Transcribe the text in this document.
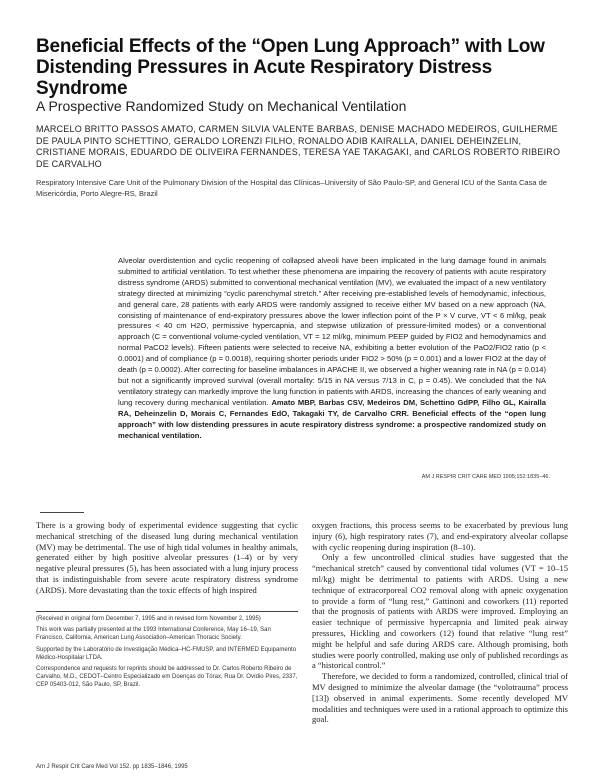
Beneficial Effects of the “Open Lung Approach” with Low Distending Pressures in Acute Respiratory Distress Syndrome
A Prospective Randomized Study on Mechanical Ventilation
MARCELO BRITTO PASSOS AMATO, CARMEN SILVIA VALENTE BARBAS, DENISE MACHADO MEDEIROS, GUILHERME DE PAULA PINTO SCHETTINO, GERALDO LORENZI FILHO, RONALDO ADIB KAIRALLA, DANIEL DEHEINZELIN, CRISTIANE MORAIS, EDUARDO DE OLIVEIRA FERNANDES, TERESA YAE TAKAGAKI, and CARLOS ROBERTO RIBEIRO DE CARVALHO
Respiratory Intensive Care Unit of the Pulmonary Division of the Hospital das Clínicas–University of São Paulo-SP, and General ICU of the Santa Casa de Misericórdia, Porto Alegre-RS, Brazil
Alveolar overdistention and cyclic reopening of collapsed alveoli have been implicated in the lung damage found in animals submitted to artificial ventilation. To test whether these phenomena are impairing the recovery of patients with acute respiratory distress syndrome (ARDS) submitted to conventional mechanical ventilation (MV), we evaluated the impact of a new ventilatory strategy directed at minimizing “cyclic parenchymal stretch.” After receiving pre-established levels of hemodynamic, infectious, and general care, 28 patients with early ARDS were randomly assigned to receive either MV based on a new approach (NA, consisting of maintenance of end-expiratory pressures above the lower inflection point of the P × V curve, VT < 6 ml/kg, peak pressures < 40 cm H2O, permissive hypercapnia, and stepwise utilization of pressure-limited modes) or a conventional approach (C = conventional volume-cycled ventilation, VT = 12 ml/kg, minimum PEEP guided by FIO2 and hemodynamics and normal PaCO2 levels). Fifteen patients were selected to receive NA, exhibiting a better evolution of the PaO2/FIO2 ratio (p < 0.0001) and of compliance (p = 0.0018), requiring shorter periods under FIO2 > 50% (p = 0.001) and a lower FIO2 at the day of death (p = 0.0002). After correcting for baseline imbalances in APACHE II, we observed a higher weaning rate in NA (p = 0.014) but not a significantly improved survival (overall mortality: 5/15 in NA versus 7/13 in C, p = 0.45). We concluded that the NA ventilatory strategy can markedly improve the lung function in patients with ARDS, increasing the chances of early weaning and lung recovery during mechanical ventilation. Amato MBP, Barbas CSV, Medeiros DM, Schettino GdPP, Filho GL, Kairalla RA, Deheinzelin D, Morais C, Fernandes EdO, Takagaki TY, de Carvalho CRR. Beneficial effects of the “open lung approach” with low distending pressures in acute respiratory distress syndrome: a prospective randomized study on mechanical ventilation.
AM J RESPIR CRIT CARE MED 1995;152:1835–46.

There is a growing body of experimental evidence suggesting that cyclic mechanical stretching of the diseased lung during mechanical ventilation (MV) may be detrimental. The use of high tidal volumes in healthy animals, generated either by high positive alveolar pressures (1–4) or by very negative pleural pressures (5), has been associated with a lung injury process that is indistinguishable from severe acute respiratory distress syndrome (ARDS). More devastating than the toxic effects of high inspired

(Received in original form December 7, 1995 and in revised form November 2, 1995)

This work was partially presented at the 1993 International Conference, May 16–19, San Francisco, California, American Lung Association–American Thoracic Society.

Supported by the Laboratório de Investigação Médica–HC-FMUSP, and INTERMED Equipamento Médico-Hospitalar LTDA.

Correspondence and requests for reprints should be addressed to Dr. Carlos Roberto Ribeiro de Carvalho, M.D., CEDOT–Centro Especializado em Doenças do Tórax, Rua Dr. Ovídio Pires, 2337, CEP 05403-012, São Paulo, SP, Brazil.

Am J Respir Crit Care Med Vol 152. pp 1835–1846, 1995

oxygen fractions, this process seems to be exacerbated by previous lung injury (6), high respiratory rates (7), and end-expiratory alveolar collapse with cyclic reopening during inspiration (8–10).

Only a few uncontrolled clinical studies have suggested that the “mechanical stretch” caused by conventional tidal volumes (VT = 10–15 ml/kg) might be detrimental to patients with ARDS. Using a new technique of extracorporeal CO2 removal along with apneic oxygenation to provide a form of “lung rest,” Gattinoni and coworkers (11) reported that the prognosis of patients with ARDS were improved. Employing an easier technique of permissive hypercapnia and limited peak airway pressures, Hickling and coworkers (12) found that relative “lung rest” might be helpful and safe during ARDS care. Although promising, both studies were poorly controlled, making use only of published recordings as a “historical control.”

Therefore, we decided to form a randomized, controlled, clinical trial of MV designed to minimize the alveolar damage (the “volotrauma” process [13]) observed in animal experiments. Some recently developed MV modalities and techniques were used in a rational approach to optimize this goal.
